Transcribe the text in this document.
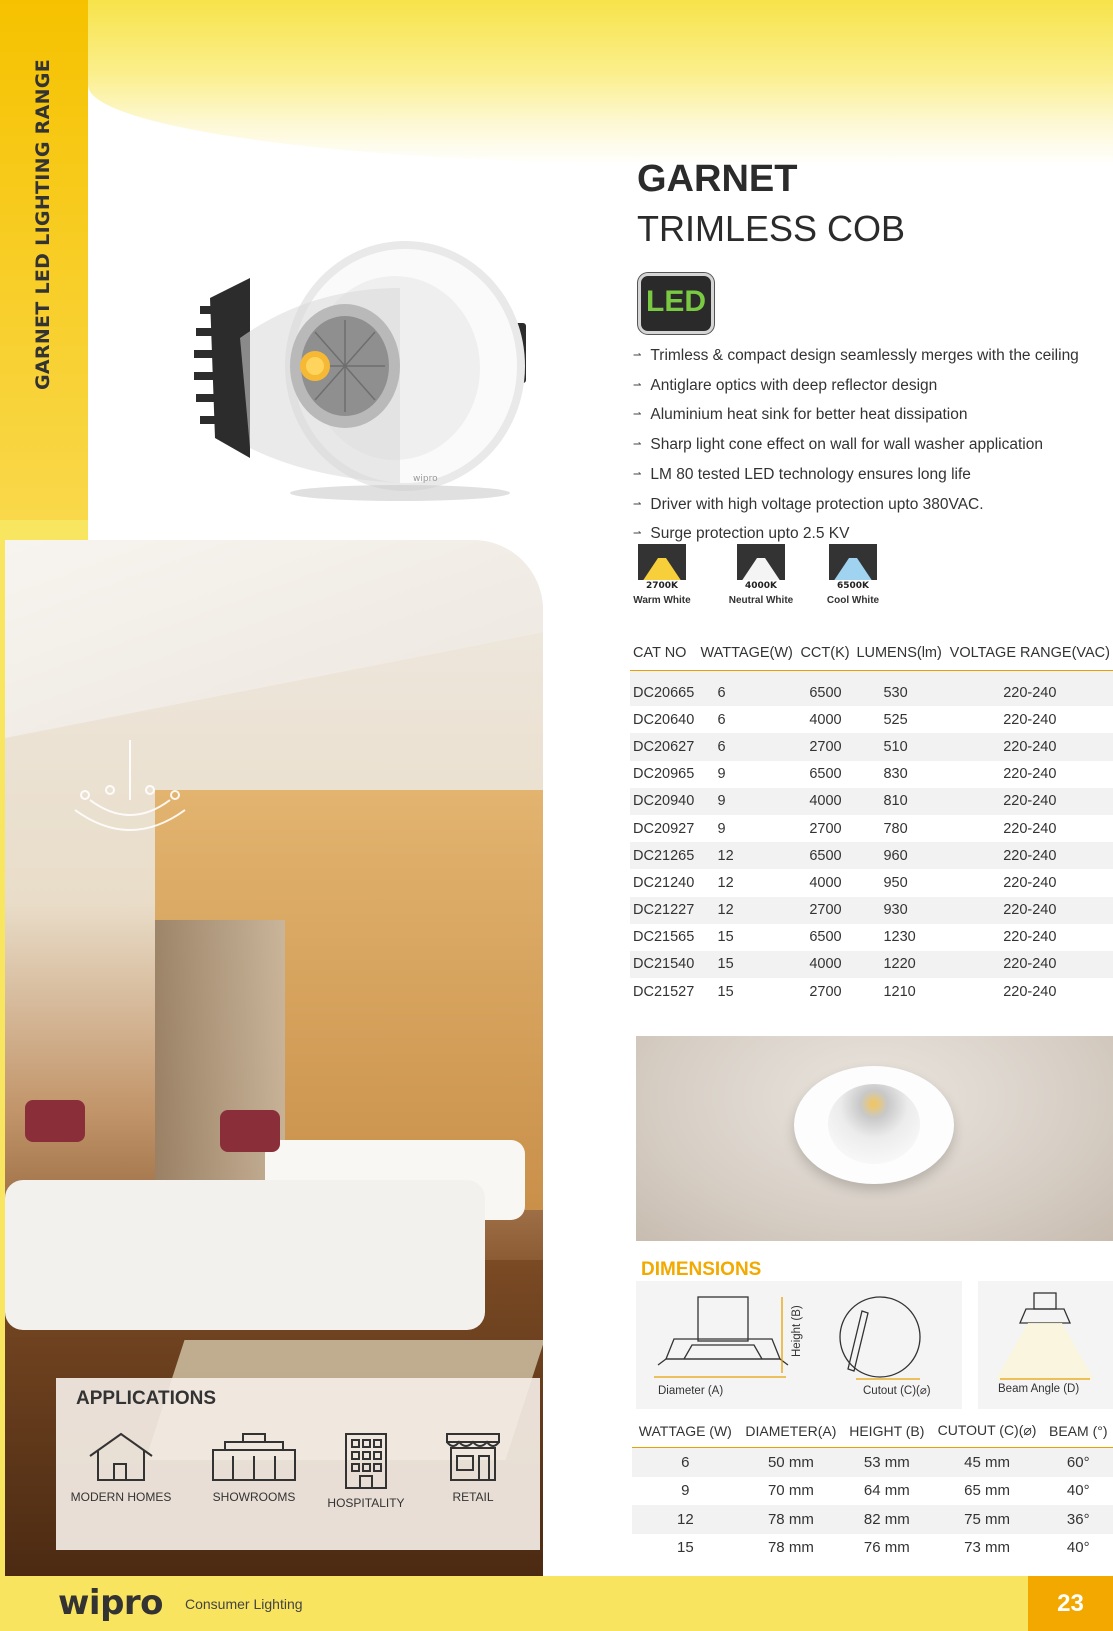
GARNET LED LIGHTING RANGE
wipro
GARNET
TRIMLESS COB
LED
⇀ Trimless & compact design seamlessly merges with the ceiling
⇀ Antiglare optics with deep reflector design
⇀ Aluminium heat sink for better heat dissipation
⇀ Sharp light cone effect on wall for wall washer application
⇀ LM 80 tested LED technology ensures long life
⇀ Driver with high voltage protection upto 380VAC.
⇀ Surge protection upto 2.5 KV
2700K
Warm White
4000K
Neutral White
6500K
Cool White
CAT NO	WATTAGE(W)	CCT(K)	LUMENS(lm)	VOLTAGE RANGE(VAC)
DC20665	6	6500	530	220-240
DC20640	6	4000	525	220-240
DC20627	6	2700	510	220-240
DC20965	9	6500	830	220-240
DC20940	9	4000	810	220-240
DC20927	9	2700	780	220-240
DC21265	12	6500	960	220-240
DC21240	12	4000	950	220-240
DC21227	12	2700	930	220-240
DC21565	15	6500	1230	220-240
DC21540	15	4000	1220	220-240
DC21527	15	2700	1210	220-240
DIMENSIONS
Diameter (A)
Height (B)
Cutout (C)(⌀)	Beam Angle (D)
WATTAGE (W)	DIAMETER(A)	HEIGHT (B)	CUTOUT (C)(⌀)	BEAM (°)
6	50 mm	53 mm	45 mm	60°
9	70 mm	64 mm	65 mm	40°
12	78 mm	82 mm	75 mm	36°
15	78 mm	76 mm	73 mm	40°
APPLICATIONS
MODERN HOMES	SHOWROOMS	HOSPITALITY	RETAIL
wipro Consumer Lighting	23
